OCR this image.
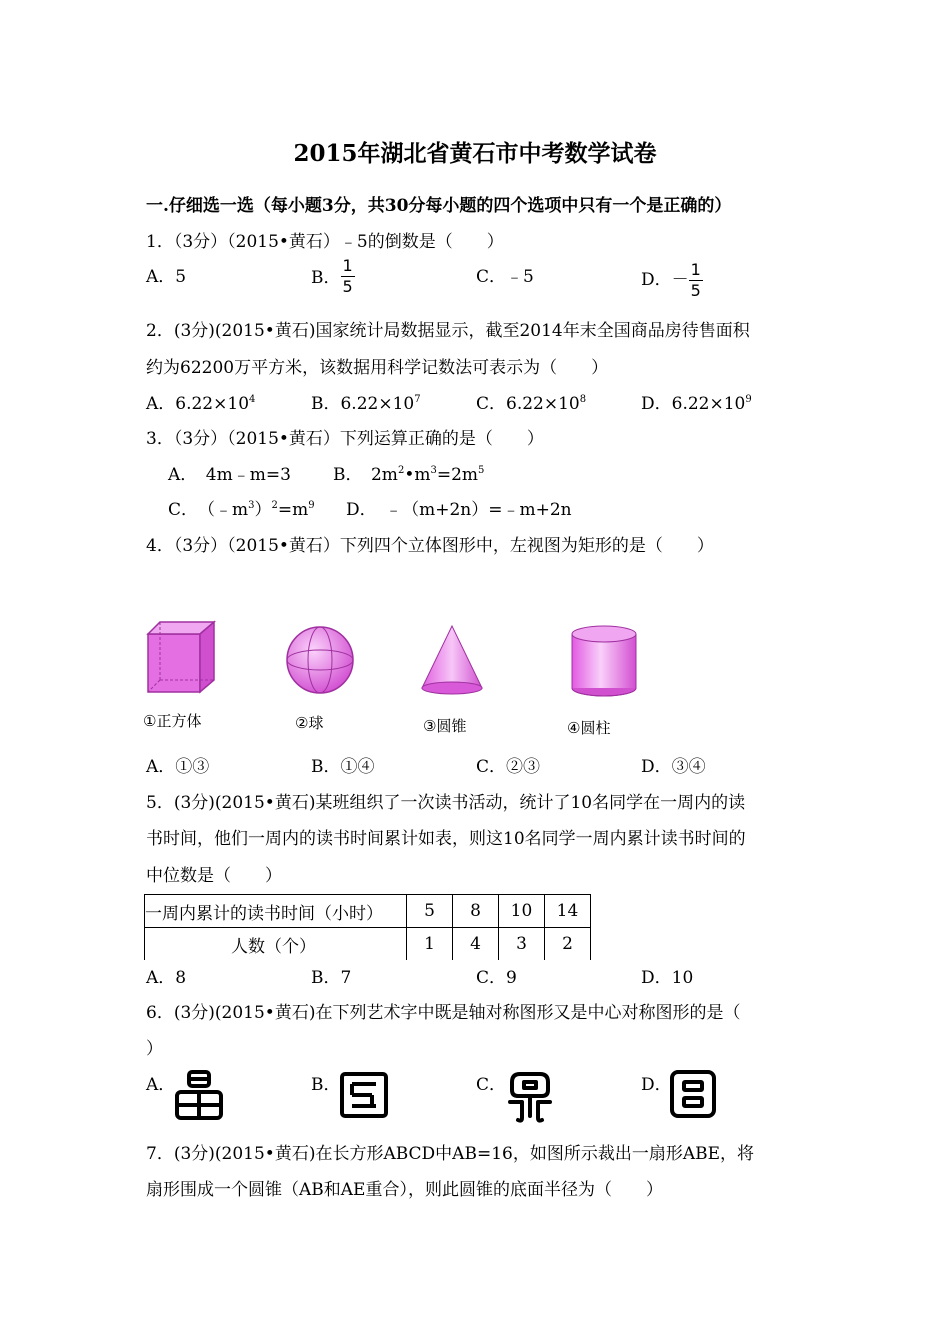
2015年湖北省黄石市中考数学试卷
一.仔细选一选（每小题3分，共30分每小题的四个选项中只有一个是正确的）
1．（3分）（2015•黄石）﹣5的倒数是（　　）
A．5	B． $\frac{1}{5}$	C．﹣5	D．－ $\frac{1}{5}$
2．(3分)(2015•黄石)国家统计局数据显示，截至2014年末全国商品房待售面积
约为62200万平方米，该数据用科学记数法可表示为（　　）
A．$6.22\times 10^4$	B．$6.22\times 10^7$	C．$6.22\times 10^8$	D．$6.22\times 10^9$
3．（3分）（2015•黄石）下列运算正确的是（　　）
A．　4m﹣m=3 B．　$2m^2•m^3=2m^5$
C．　$(﹣m^3)^2=m^9$ D．　﹣（m+2n）=﹣m+2n
4．（3分）（2015•黄石）下列四个立体图形中，左视图为矩形的是（　　）
①正方体	②球	③圆锥	④圆柱
A．①③	B．①④	C．②③	D．③④
5．(3分)(2015•黄石)某班组织了一次读书活动，统计了10名同学在一周内的读
书时间，他们一周内的读书时间累计如表，则这10名同学一周内累计读书时间的
中位数是（　　）
一周内累计的读书时间（小时）	5	8	10	14
人数（个）	1	4	3	2
A．8	B．7	C．9	D．10
6．(3分)(2015•黄石)在下列艺术字中既是轴对称图形又是中心对称图形的是（
）
A．	B．	C．	D．
7．(3分)(2015•黄石)在长方形ABCD中AB=16，如图所示裁出一扇形ABE，将
扇形围成一个圆锥（AB和AE重合），则此圆锥的底面半径为（　　）
